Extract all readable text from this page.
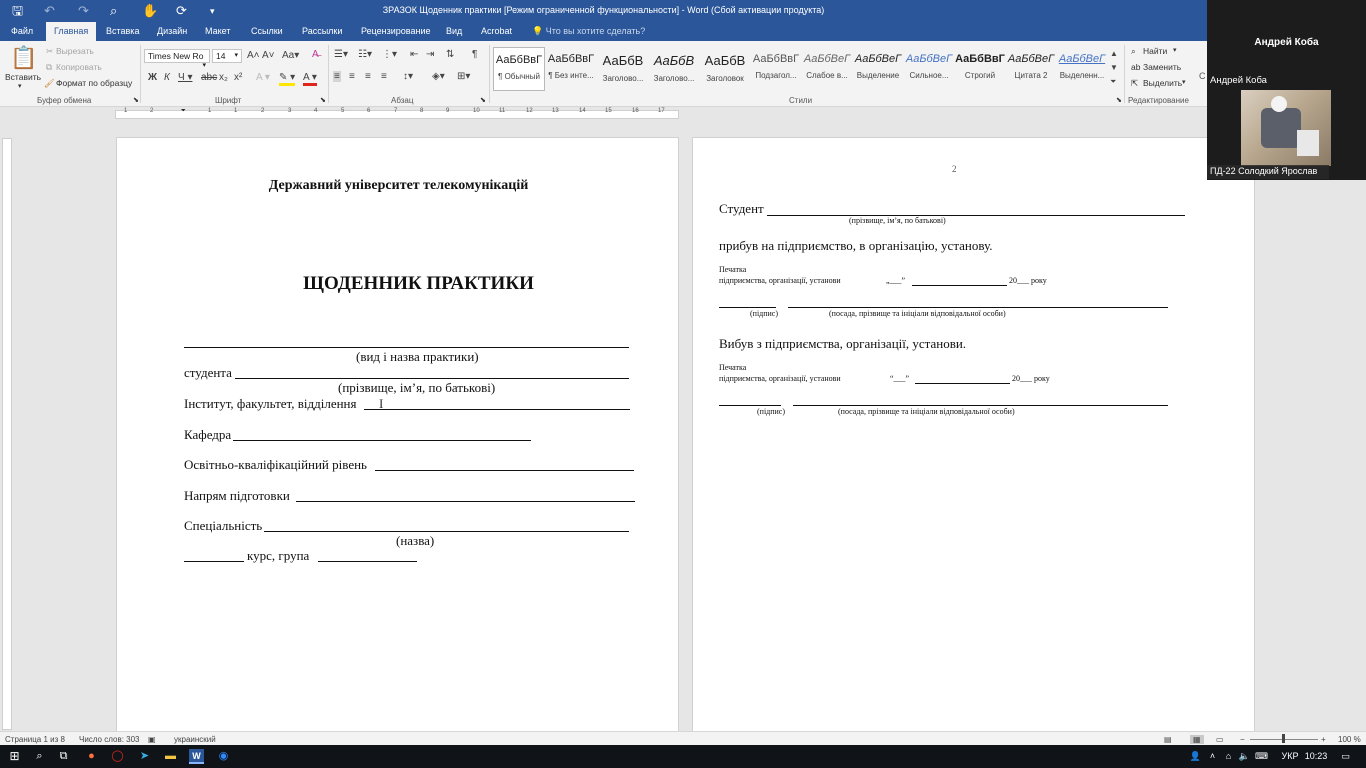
🖫 ↶ ↷ ⌕ ✋ ⟳	▾	ЗРАЗОК Щоденник практики [Режим ограниченной функциональности] - Word (Сбой активации продукта)
Файл	Главная	Вставка Дизайн Макет Ссылки Рассылки Рецензирование Вид Acrobat 💡 Что вы хотите сделать?
📋
Вставить
▾
✂ Вырезать
⧉ Копировать
🖌 Формат по образцу
Буфер обмена	⬊
Times New Ro
▾
14 ▾ A˄ A˅ Aa▾ A̶
Ж К Ч ▾ abc x₂ x² A ▾ ✎ ▾ A ▾
Шрифт	⬊
☰▾ ☷▾ ⋮▾ ⇤ ⇥ ⇅ ¶
≡ ≡ ≡ ≡ ↕▾ ◈▾ ⊞▾
Абзац	⬊
АаБбВвГ
¶ Обычный
АаБбВвГ
¶ Без инте...
АаБбВ
Заголово...
АаБбВ
Заголово...
АаБбВ
Заголовок
АаБбВвГ
Подзагол...
АаБбВеГ
Слабое в...
АаБбВеГ
Выделение
АаБбВеГ
Сильное...
АаБбВвГ
Строгий
АаБбВеГ
Цитата 2
АаБбВеГ
Выделенн...
▲
▼
⏷
Стили	⬊
⌕ Найти ▾
ab Заменить
⇱ Выделить ▾
Редактирование
1	2	⏷	1	1	2	3	4	5	6	7	8	9	10	11	12	13	14	15	16	17
Державний університет телекомунікацій
ЩОДЕННИК ПРАКТИКИ
(вид і назва практики)
студента
(прізвище, ім’я, по батькові)
Інститут, факультет, відділення I
Кафедра
Освітньо-кваліфікаційний рівень
Напрям підготовки
Спеціальність
(назва)
курс, група
2
Студент
(прізвище, ім’я, по батькові)
прибув на підприємство, в організацію, установу.
Печатка
підприємства, організації, установи	„___”	20___ року
(підпис)	(посада, прізвище та ініціали відповідальної особи)
Вибув з підприємства, організації, установи.
Печатка
підприємства, організації, установи	“___”	20___ року
(підпис)	(посада, прізвище та ініціали відповідальної особи)
Страница 1 из 8 Число слов: 303 ▣ украинский	▤	▦	▭ −	+ 100 %
⊞	⌕	⧉	●	◯ ➤ ▬	W ◉	👤 ˄	⌂ 🔈 ⌨	УКР 10:23	▭
Андрей Коба
Андрей Коба
С
ПД-22 Солодкий Ярослав
